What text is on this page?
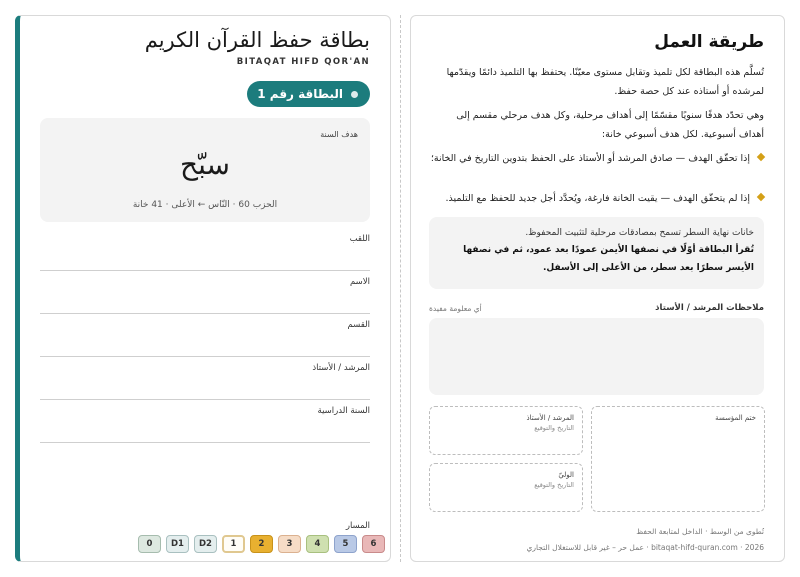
بطاقة حفظ القرآن الكريم
BITAQAT HIFD QOR'AN
البطاقة رقم 1
هدف السنة
سبّح
الحزب 60 · النّاس ← الأعلى · 41 خانة
اللقب
الاسم
القسم
المرشد / الأستاذ
السنة الدراسية
المسار
0	D1	D2	1	2	3	4	5	6
طريقة العمل
تُسلَّم هذه البطاقة لكل تلميذ وتقابل مستوى معيّنًا. يحتفظ بها التلميذ دائمًا ويقدّمها لمرشده أو أستاذه عند كل حصة حفظ.
وهي تحدّد هدفًا سنويًا مقسّمًا إلى أهداف مرحلية، وكل هدف مرحلي مقسم إلى أهداف أسبوعية. لكل هدف أسبوعي خانة:
إذا تحقّق الهدف — صادق المرشد أو الأستاذ على الحفظ بتدوين التاريخ في الخانة؛
إذا لم يتحقّق الهدف — يقيت الخانة فارغة، ويُحدَّد أجل جديد للحفظ مع التلميذ.
خانات نهاية السطر تسمح بمصادقات مرحلية لتثبيت المحفوظ.
تُقرأ البطاقة أوّلًا في نصفها الأيمن عمودًا بعد عمود، ثم في نصفها الأيسر سطرًا بعد سطر، من الأعلى إلى الأسفل.
ملاحظات المرشد / الأستاذ
أي معلومة مفيدة
ختم المؤسسة
المرشد / الأستاذ
التاريخ والتوقيع
الوليّ
التاريخ والتوقيع
تُطوى من الوسط · الداخل لمتابعة الحفظ
bitaqat-hifd-quran.com · 2026 · عمل حر – غير قابل للاستغلال التجاري
